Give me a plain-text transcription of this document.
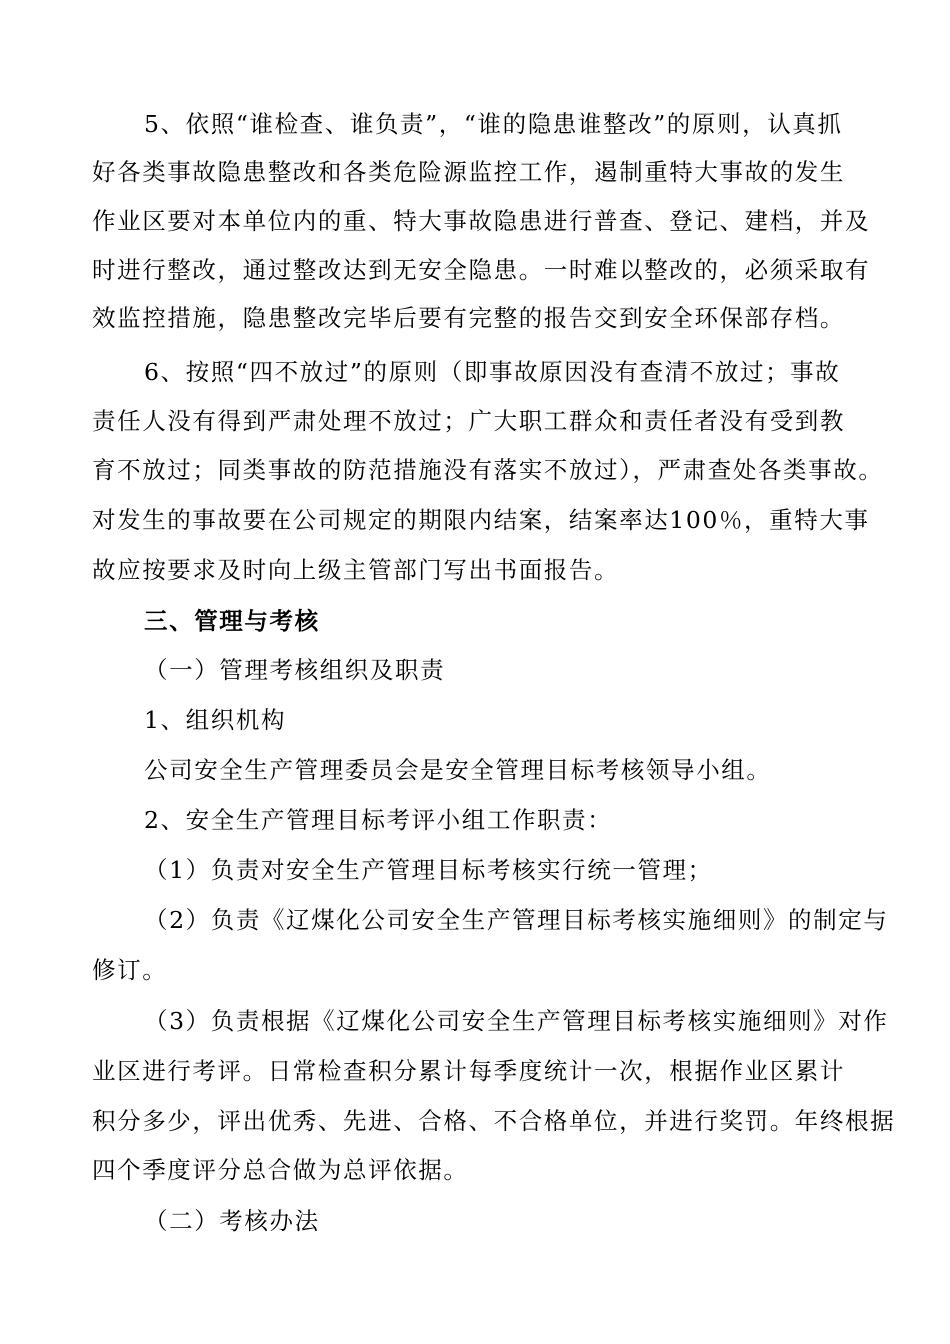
5、依照“谁检查、谁负责”，“谁的隐患谁整改”的原则，认真抓
好各类事故隐患整改和各类危险源监控工作，遏制重特大事故的发生
作业区要对本单位内的重、特大事故隐患进行普查、登记、建档，并及
时进行整改，通过整改达到无安全隐患。一时难以整改的，必须采取有
效监控措施，隐患整改完毕后要有完整的报告交到安全环保部存档。
6、按照“四不放过”的原则（即事故原因没有查清不放过；事故
责任人没有得到严肃处理不放过；广大职工群众和责任者没有受到教
育不放过；同类事故的防范措施没有落实不放过），严肃查处各类事故。
对发生的事故要在公司规定的期限内结案，结案率达100％，重特大事
故应按要求及时向上级主管部门写出书面报告。
三、管理与考核
（一）管理考核组织及职责
1、组织机构
公司安全生产管理委员会是安全管理目标考核领导小组。
2、安全生产管理目标考评小组工作职责：
（1）负责对安全生产管理目标考核实行统一管理；
（2）负责《辽煤化公司安全生产管理目标考核实施细则》的制定与
修订。
（3）负责根据《辽煤化公司安全生产管理目标考核实施细则》对作
业区进行考评。日常检查积分累计每季度统计一次，根据作业区累计
积分多少，评出优秀、先进、合格、不合格单位，并进行奖罚。年终根据
四个季度评分总合做为总评依据。
（二）考核办法
